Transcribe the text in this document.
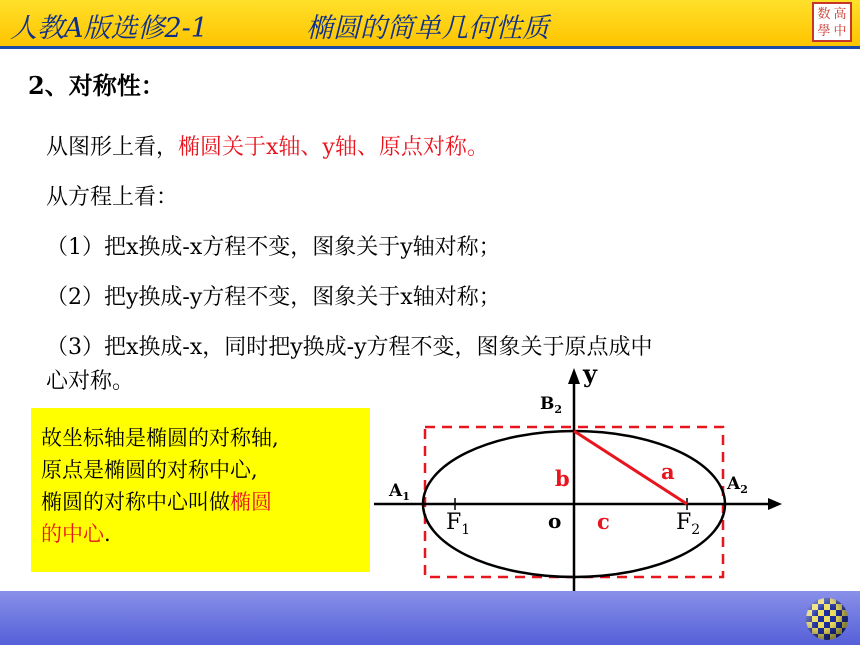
人教A版选修2-1	椭圆的简单几何性质	数 高
學 中
2、对称性：
从图形上看，椭圆关于x轴、y轴、原点对称。
从方程上看：
（1）把x换成-x方程不变，图象关于y轴对称；
（2）把y换成-y方程不变，图象关于x轴对称；
（3）把x换成-x，同时把y换成-y方程不变，图象关于原点成中
心对称。
故坐标轴是椭圆的对称轴,
原点是椭圆的对称中心,
椭圆的对称中心叫做椭圆
的中心.
y
$B_2$
$A_1$
$A_2$
$F_1$	$F_2$
o
b	a
c
